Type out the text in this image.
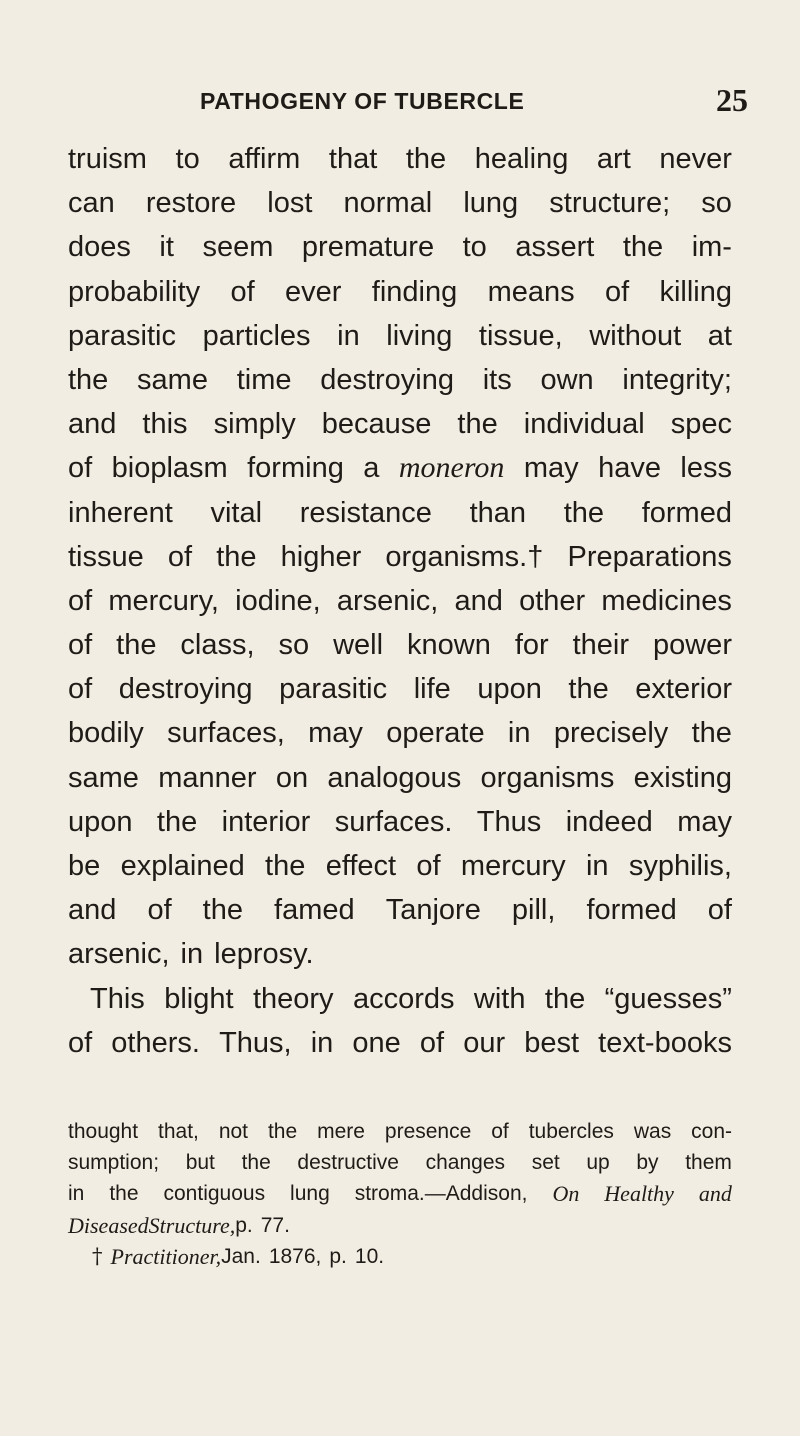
PATHOGENY OF TUBERCLE	25
truism to affirm that the healing art never
can restore lost normal lung structure; so
does it seem premature to assert the im-
probability of ever finding means of killing
parasitic particles in living tissue, without at
the same time destroying its own integrity;
and this simply because the individual spec
of bioplasm forming a moneron may have less
inherent vital resistance than the formed
tissue of the higher organisms.† Preparations
of mercury, iodine, arsenic, and other medicines
of the class, so well known for their power
of destroying parasitic life upon the exterior
bodily surfaces, may operate in precisely the
same manner on analogous organisms existing
upon the interior surfaces. Thus indeed may
be explained the effect of mercury in syphilis,
and of the famed Tanjore pill, formed of
arsenic, in leprosy.
This blight theory accords with the “guesses”
of others. Thus, in one of our best text-books
thought that, not the mere presence of tubercles was con-
sumption; but the destructive changes set up by them
in the contiguous lung stroma.—Addison, On Healthy and
Diseased Structure, p. 77.
† Practitioner, Jan. 1876, p. 10.
